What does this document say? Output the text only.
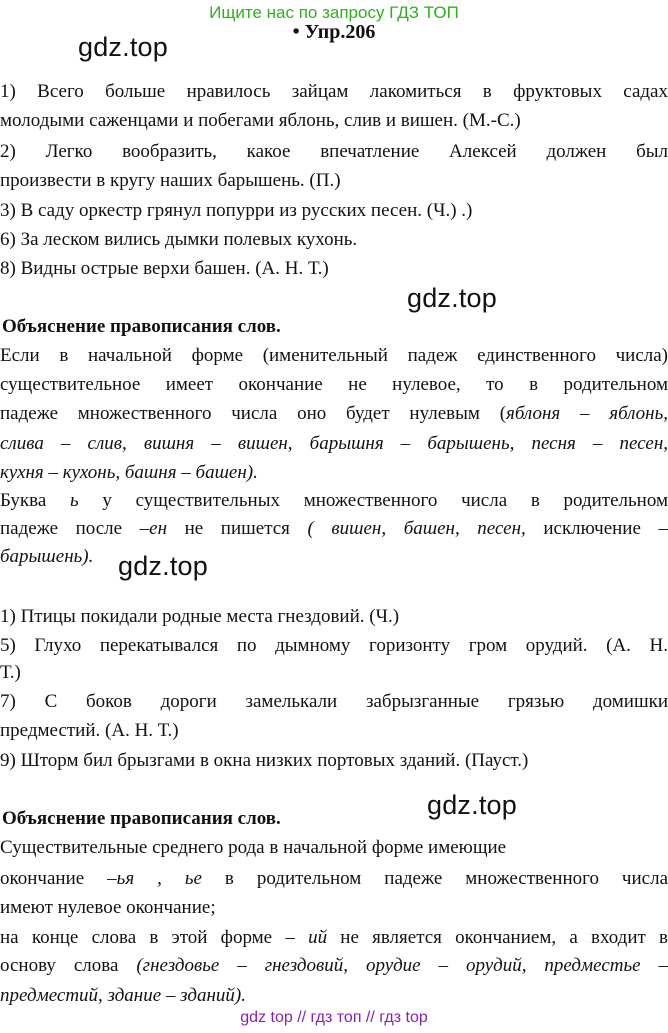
Ищите нас по запросу ГДЗ ТОП
• Упр.206
gdz.top
gdz.top
gdz.top
gdz.top
1) Всего больше нравилось зайцам лакомиться в фруктовых садах
молодыми саженцами и побегами яблонь, слив и вишен. (М.-С.)
2) Легко вообразить, какое впечатление Алексей должен был
произвести в кругу наших барышень. (П.)
3) В саду оркестр грянул попурри из русских песен. (Ч.) .)
6) За леском вились дымки полевых кухонь.
8) Видны острые верхи башен. (А. Н. Т.)
Объяснение правописания слов.
Если в начальной форме (именительный падеж единственного числа)
существительное имеет окончание не нулевое, то в родительном
падеже множественного числа оно будет нулевым (яблоня – яблонь,
слива – слив, вишня – вишен, барышня – барышень, песня – песен,
кухня – кухонь, башня – башен).
Буква ь у существительных множественного числа в родительном
падеже после –ен не пишется ( вишен, башен, песен, исключение –
барышень).
1) Птицы покидали родные места гнездовий. (Ч.)
5) Глухо перекатывался по дымному горизонту гром орудий. (А. Н.
Т.)
7) С боков дороги замелькали забрызганные грязью домишки
предместий. (А. Н. Т.)
9) Шторм бил брызгами в окна низких портовых зданий. (Пауст.)
Объяснение правописания слов.
Существительные среднего рода в начальной форме имеющие
окончание –ья , ье в родительном падеже множественного числа
имеют нулевое окончание;
на конце слова в этой форме – ий не является окончанием, а входит в
основу слова (гнездовье – гнездовий, орудие – орудий, предместье –
предместий, здание – зданий).
gdz top // гдз топ // гдз top
